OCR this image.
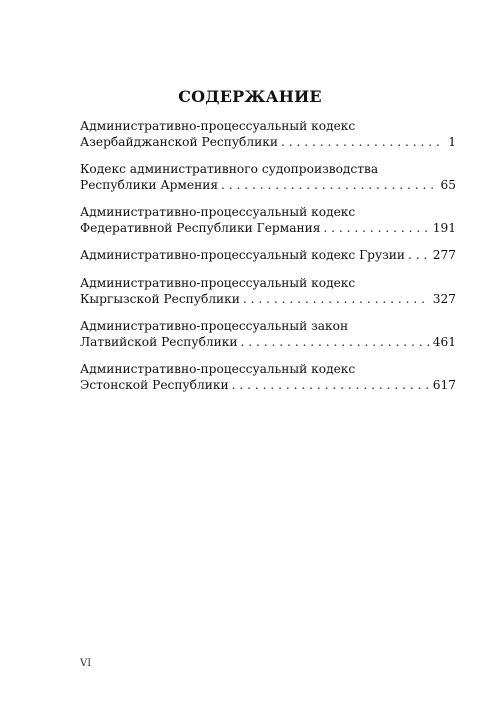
СОДЕРЖАНИЕ
Административно-процессуальный кодекс
Азербайджанской Республики . . .	1
Кодекс административного судопроизводства
Республики Армения . . .	65
Административно-процессуальный кодекс
Федеративной Республики Германия . . .	191
Административно-процессуальный кодекс Грузии . . . 277
Административно-процессуальный кодекс
Кыргызской Республики . . .	327
Административно-процессуальный закон
Латвийской Республики . . .	461
Административно-процессуальный кодекс
Эстонской Республики . . .	617
VI
